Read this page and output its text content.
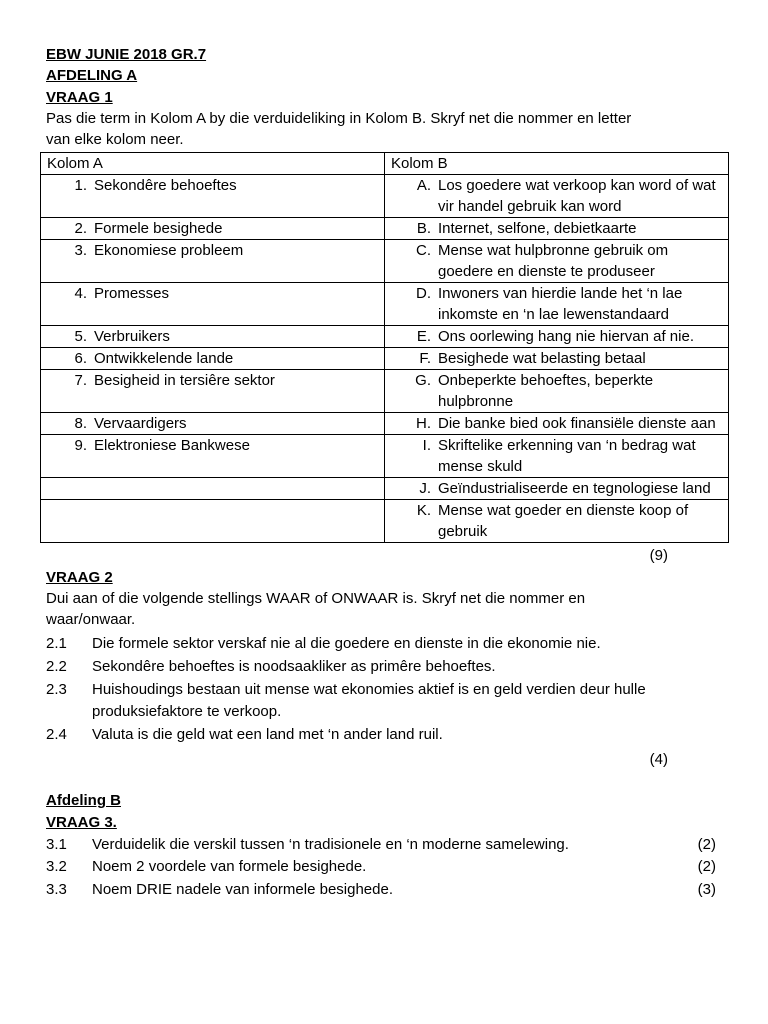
EBW JUNIE 2018 GR.7

AFDELING A

VRAAG 1

Pas die term in Kolom A by die verduideliking in Kolom B. Skryf net die nommer en letter
van elke kolom neer.

Kolom A	Kolom B

1. Sekondêre behoeftes	A. Los goedere wat verkoop kan word of wat vir handel gebruik kan word

2. Formele besighede	B. Internet, selfone, debietkaarte

3. Ekonomiese probleem	C. Mense wat hulpbronne gebruik om goedere en dienste te produseer

4. Promesses	D. Inwoners van hierdie lande het ‘n lae inkomste en ‘n lae lewenstandaard

5. Verbruikers	E. Ons oorlewing hang nie hiervan af nie.

6. Ontwikkelende lande	F. Besighede wat belasting betaal

7. Besigheid in tersiêre sektor	G. Onbeperkte behoeftes, beperkte hulpbronne

8. Vervaardigers	H. Die banke bied ook finansiële dienste aan

9. Elektroniese Bankwese	I. Skriftelike erkenning van ‘n bedrag wat mense skuld

	J. Geïndustrialiseerde en tegnologiese land

	K. Mense wat goeder en dienste koop of gebruik
(9)

VRAAG 2

Dui aan of die volgende stellings WAAR of ONWAAR is. Skryf net die nommer en
waar/onwaar.

2.1	Die formele sektor verskaf nie al die goedere en dienste in die ekonomie nie.
2.2	Sekondêre behoeftes is noodsaakliker as primêre behoeftes.
2.3	Huishoudings bestaan uit mense wat ekonomies aktief is en geld verdien deur hulle produksiefaktore te verkoop.
2.4	Valuta is die geld wat een land met ‘n ander land ruil.
(4)

Afdeling B

VRAAG 3.

3.1	Verduidelik die verskil tussen ‘n tradisionele en ‘n moderne samelewing.	(2)
3.2	Noem 2 voordele van formele besighede.	(2)
3.3	Noem DRIE nadele van informele besighede.	(3)
